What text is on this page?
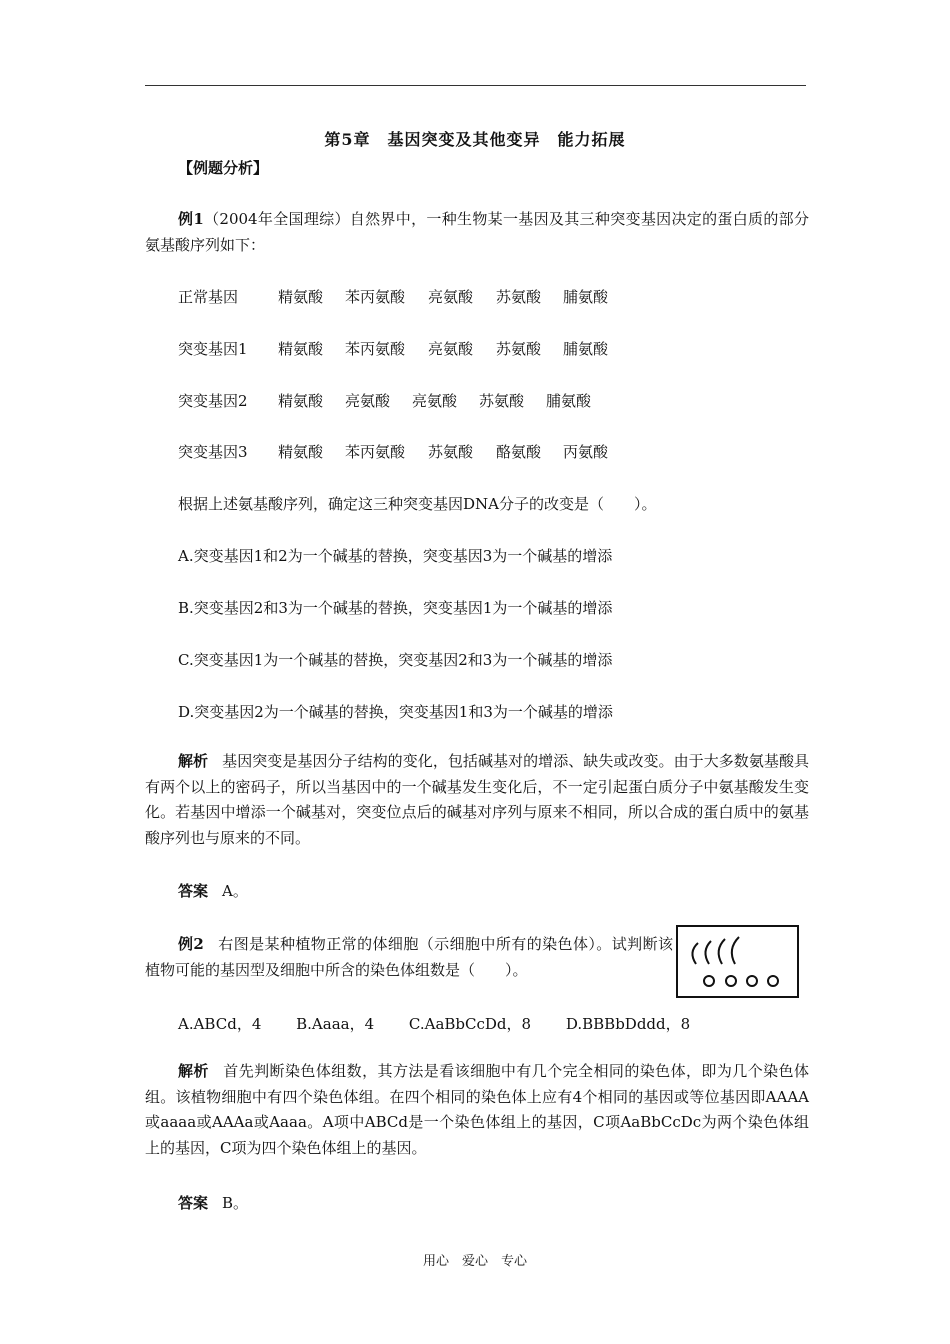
第5章　基因突变及其他变异　能力拓展
【例题分析】
例1（2004年全国理综）自然界中，一种生物某一基因及其三种突变基因决定的蛋白质的部分氨基酸序列如下：
正常基因	精氨酸 苯丙氨酸 亮氨酸 苏氨酸 脯氨酸
突变基因1 精氨酸 苯丙氨酸 亮氨酸 苏氨酸 脯氨酸
突变基因2 精氨酸 亮氨酸 亮氨酸 苏氨酸 脯氨酸
突变基因3 精氨酸 苯丙氨酸 苏氨酸 酪氨酸 丙氨酸
根据上述氨基酸序列，确定这三种突变基因DNA分子的改变是（　　）。
A.突变基因1和2为一个碱基的替换，突变基因3为一个碱基的增添
B.突变基因2和3为一个碱基的替换，突变基因1为一个碱基的增添
C.突变基因1为一个碱基的替换，突变基因2和3为一个碱基的增添
D.突变基因2为一个碱基的替换，突变基因1和3为一个碱基的增添
解析 基因突变是基因分子结构的变化，包括碱基对的增添、缺失或改变。由于大多数氨基酸具有两个以上的密码子，所以当基因中的一个碱基发生变化后，不一定引起蛋白质分子中氨基酸发生变化。若基因中增添一个碱基对，突变位点后的碱基对序列与原来不相同，所以合成的蛋白质中的氨基酸序列也与原来的不同。
答案 A。
例2 右图是某种植物正常的体细胞（示细胞中所有的染色体）。试判断该植物可能的基因型及细胞中所含的染色体组数是（　　）。
A.ABCd，4 B.Aaaa，4 C.AaBbCcDd，8 D.BBBbDddd，8
解析 首先判断染色体组数，其方法是看该细胞中有几个完全相同的染色体，即为几个染色体组。该植物细胞中有四个染色体组。在四个相同的染色体上应有4个相同的基因或等位基因即AAAA或aaaa或AAAa或Aaaa。A项中ABCd是一个染色体组上的基因，C项AaBbCcDc为两个染色体组上的基因，C项为四个染色体组上的基因。
答案 B。
用心　爱心　专心
